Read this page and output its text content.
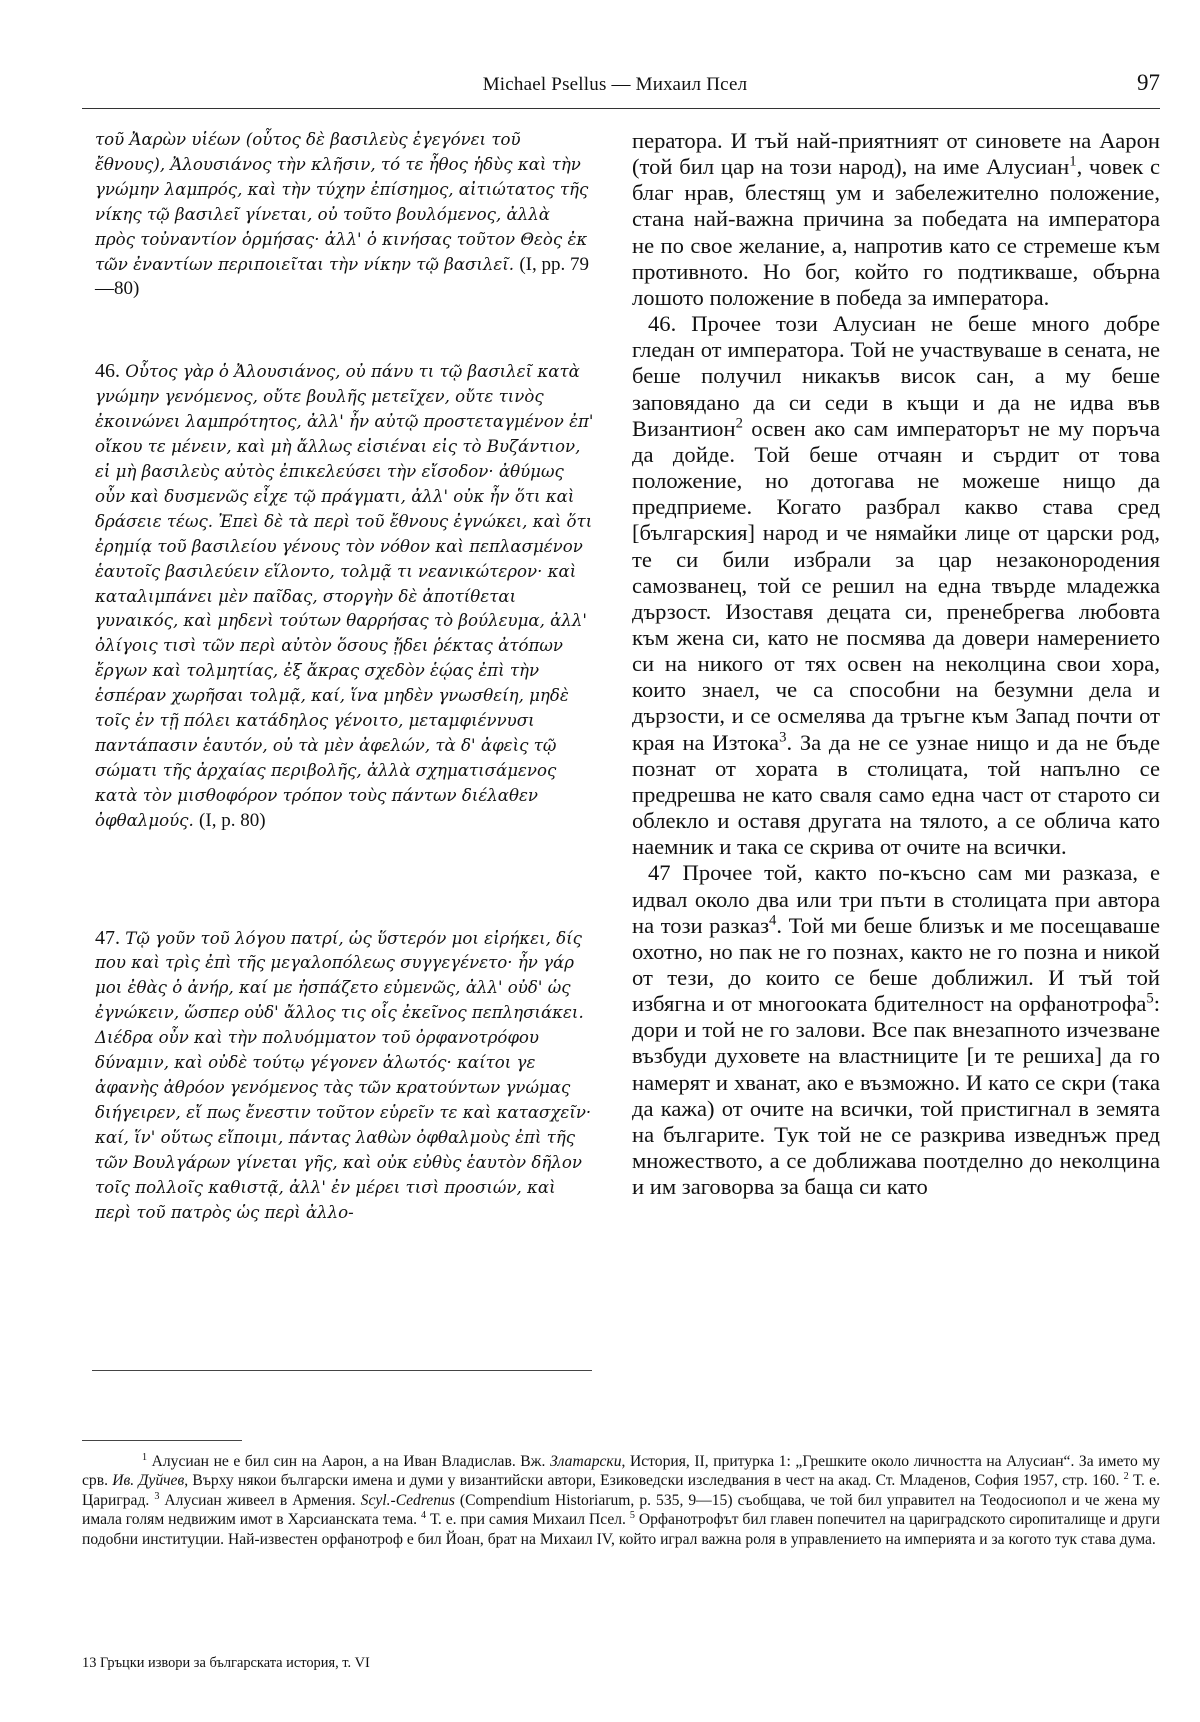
Michael Psellus — Михаил Псел	97

τοῦ Ἀαρὼν υἱέων (οὗτος δὲ βασιλεὺς ἐγεγόνει τοῦ ἔθνους), Ἀλουσιάνος τὴν κλῆσιν, τό τε ἦθος ἡδὺς καὶ τὴν γνώμην λαμπρός, καὶ τὴν τύχην ἐπίσημος, αἰτιώτατος τῆς νίκης τῷ βασιλεῖ γίνεται, οὐ τοῦτο βουλόμενος, ἀλλὰ πρὸς τοὐναντίον ὁρμήσας· ἀλλ' ὁ κινήσας τοῦτον Θεὸς ἐκ τῶν ἐναντίων περιποιεῖται τὴν νίκην τῷ βασιλεῖ. (I, pp. 79—80)

46. Οὗτος γὰρ ὁ Ἀλουσιάνος, οὐ πάνυ τι τῷ βασιλεῖ κατὰ γνώμην γενόμενος, οὔτε βουλῆς μετεῖχεν, οὔτε τινὸς ἐκοινώνει λαμπρότητος, ἀλλ' ἦν αὐτῷ προστεταγμένον ἐπ' οἴκου τε μένειν, καὶ μὴ ἄλλως εἰσιέναι εἰς τὸ Βυζάντιον, εἰ μὴ βασιλεὺς αὐτὸς ἐπικελεύσει τὴν εἴσοδον· ἀθύμως οὖν καὶ δυσμενῶς εἶχε τῷ πράγματι, ἀλλ' οὐκ ἦν ὅτι καὶ δράσειε τέως. Ἐπεὶ δὲ τὰ περὶ τοῦ ἔθνους ἐγνώκει, καὶ ὅτι ἐρημίᾳ τοῦ βασιλείου γένους τὸν νόθον καὶ πεπλασμένον ἑαυτοῖς βασιλεύειν εἵλοντο, τολμᾷ τι νεανικώτερον· καὶ καταλιμπάνει μὲν παῖδας, στοργὴν δὲ ἀποτίθεται γυναικός, καὶ μηδενὶ τούτων θαρρήσας τὸ βούλευμα, ἀλλ' ὀλίγοις τισὶ τῶν περὶ αὐτὸν ὅσους ᾔδει ῥέκτας ἀτόπων ἔργων καὶ τολμητίας, ἐξ ἄκρας σχεδὸν ἑῴας ἐπὶ τὴν ἑσπέραν χωρῆσαι τολμᾷ, καί, ἵνα μηδὲν γνωσθείη, μηδὲ τοῖς ἐν τῇ πόλει κατάδηλος γένοιτο, μεταμφιέννυσι παντάπασιν ἑαυτόν, οὐ τὰ μὲν ἀφελών, τὰ δ' ἀφεὶς τῷ σώματι τῆς ἀρχαίας περιβολῆς, ἀλλὰ σχηματισάμενος κατὰ τὸν μισθοφόρον τρόπον τοὺς πάντων διέλαθεν ὀφθαλμούς. (I, p. 80)

47. Τῷ γοῦν τοῦ λόγου πατρί, ὡς ὕστερόν μοι εἰρήκει, δίς που καὶ τρὶς ἐπὶ τῆς μεγαλοπόλεως συγγεγένετο· ἦν γάρ μοι ἐθὰς ὁ ἀνήρ, καί με ἠσπάζετο εὐμενῶς, ἀλλ' οὐδ' ὡς ἐγνώκειν, ὥσπερ οὐδ' ἄλλος τις οἷς ἐκεῖνος πεπλησιάκει. Διέδρα οὖν καὶ τὴν πολυόμματον τοῦ ὀρφανοτρόφου δύναμιν, καὶ οὐδὲ τούτῳ γέγονεν ἁλωτός· καίτοι γε ἀφανὴς ἀθρόον γενόμενος τὰς τῶν κρατούντων γνώμας διήγειρεν, εἴ πως ἔνεστιν τοῦτον εὑρεῖν τε καὶ κατασχεῖν· καί, ἵν' οὕτως εἴποιμι, πάντας λαθὼν ὀφθαλμοὺς ἐπὶ τῆς τῶν Βουλγάρων γίνεται γῆς, καὶ οὐκ εὐθὺς ἑαυτὸν δῆλον τοῖς πολλοῖς καθιστᾷ, ἀλλ' ἐν μέρει τισὶ προσιών, καὶ περὶ τοῦ πατρὸς ὡς περὶ ἀλλο-

ператора. И тъй най-приятният от синовете на Аарон (той бил цар на този народ), на име Алусиан$^1$, човек с благ нрав, блестящ ум и забележително положение, стана най-важна причина за победата на императора не по свое желание, а, напротив като се стремеше към противното. Но бог, който го подтикваше, обърна лошото положение в победа за императора.

46. Прочее този Алусиан не беше много добре гледан от императора. Той не участвуваше в сената, не беше получил никакъв висок сан, а му беше заповядано да си седи в къщи и да не идва във Византион$^2$ освен ако сам императорът не му поръча да дойде. Той беше отчаян и сърдит от това положение, но дотогава не можеше нищо да предприеме. Когато разбрал какво става сред [българския] народ и че нямайки лице от царски род, те си били избрали за цар незаконородения самозванец, той се решил на една твърде младежка дързост. Изоставя децата си, пренебрегва любовта към жена си, като не посмява да довери намерението си на никого от тях освен на неколцина свои хора, които знаел, че са способни на безумни дела и дързости, и се осмелява да тръгне към Запад почти от края на Изтока$^3$. За да не се узнае нищо и да не бъде познат от хората в столицата, той напълно се предрешва не като сваля само една част от старото си облекло и оставя другата на тялото, а се облича като наемник и така се скрива от очите на всички.

47 Прочее той, както по-късно сам ми разказа, е идвал около два или три пъти в столицата при автора на този разказ$^4$. Той ми беше близък и ме посещаваше охотно, но пак не го познах, както не го позна и никой от тези, до които се беше доближил. И тъй той избягна и от многооката бдителност на орфанотрофа$^5$: дори и той не го залови. Все пак внезапното изчезване възбуди духовете на властниците [и те решиха] да го намерят и хванат, ако е възможно. И като се скри (така да кажа) от очите на всички, той пристигнал в земята на българите. Тук той не се разкрива изведнъж пред множеството, а се доближава поотделно до неколцина и им заговорва за баща си като

$^1$ Алусиан не е бил син на Аарон, а на Иван Владислав. Вж. Златарски, История, II, притурка 1: „Грешките около личността на Алусиан“. За името му срв. Ив. Дуйчев, Върху някои български имена и думи у византийски автори, Езиковедски изследвания в чест на акад. Ст. Младенов, София 1957, стр. 160. $^2$ Т. е. Цариград. $^3$ Алусиан живеел в Армения. Scyl.-Cedrenus (Compendium Historiarum, p. 535, 9—15) съобщава, че той бил управител на Теодосиопол и че жена му имала голям недвижим имот в Харсианската тема. $^4$ Т. е. при самия Михаил Псел. $^5$ Орфанотрофът бил главен попечител на цариградското сиропиталище и други подобни институции. Най-известен орфанотроф е бил Йоан, брат на Михаил IV, който играл важна роля в управлението на империята и за когото тук става дума.

13 Гръцки извори за българската история, т. VI
